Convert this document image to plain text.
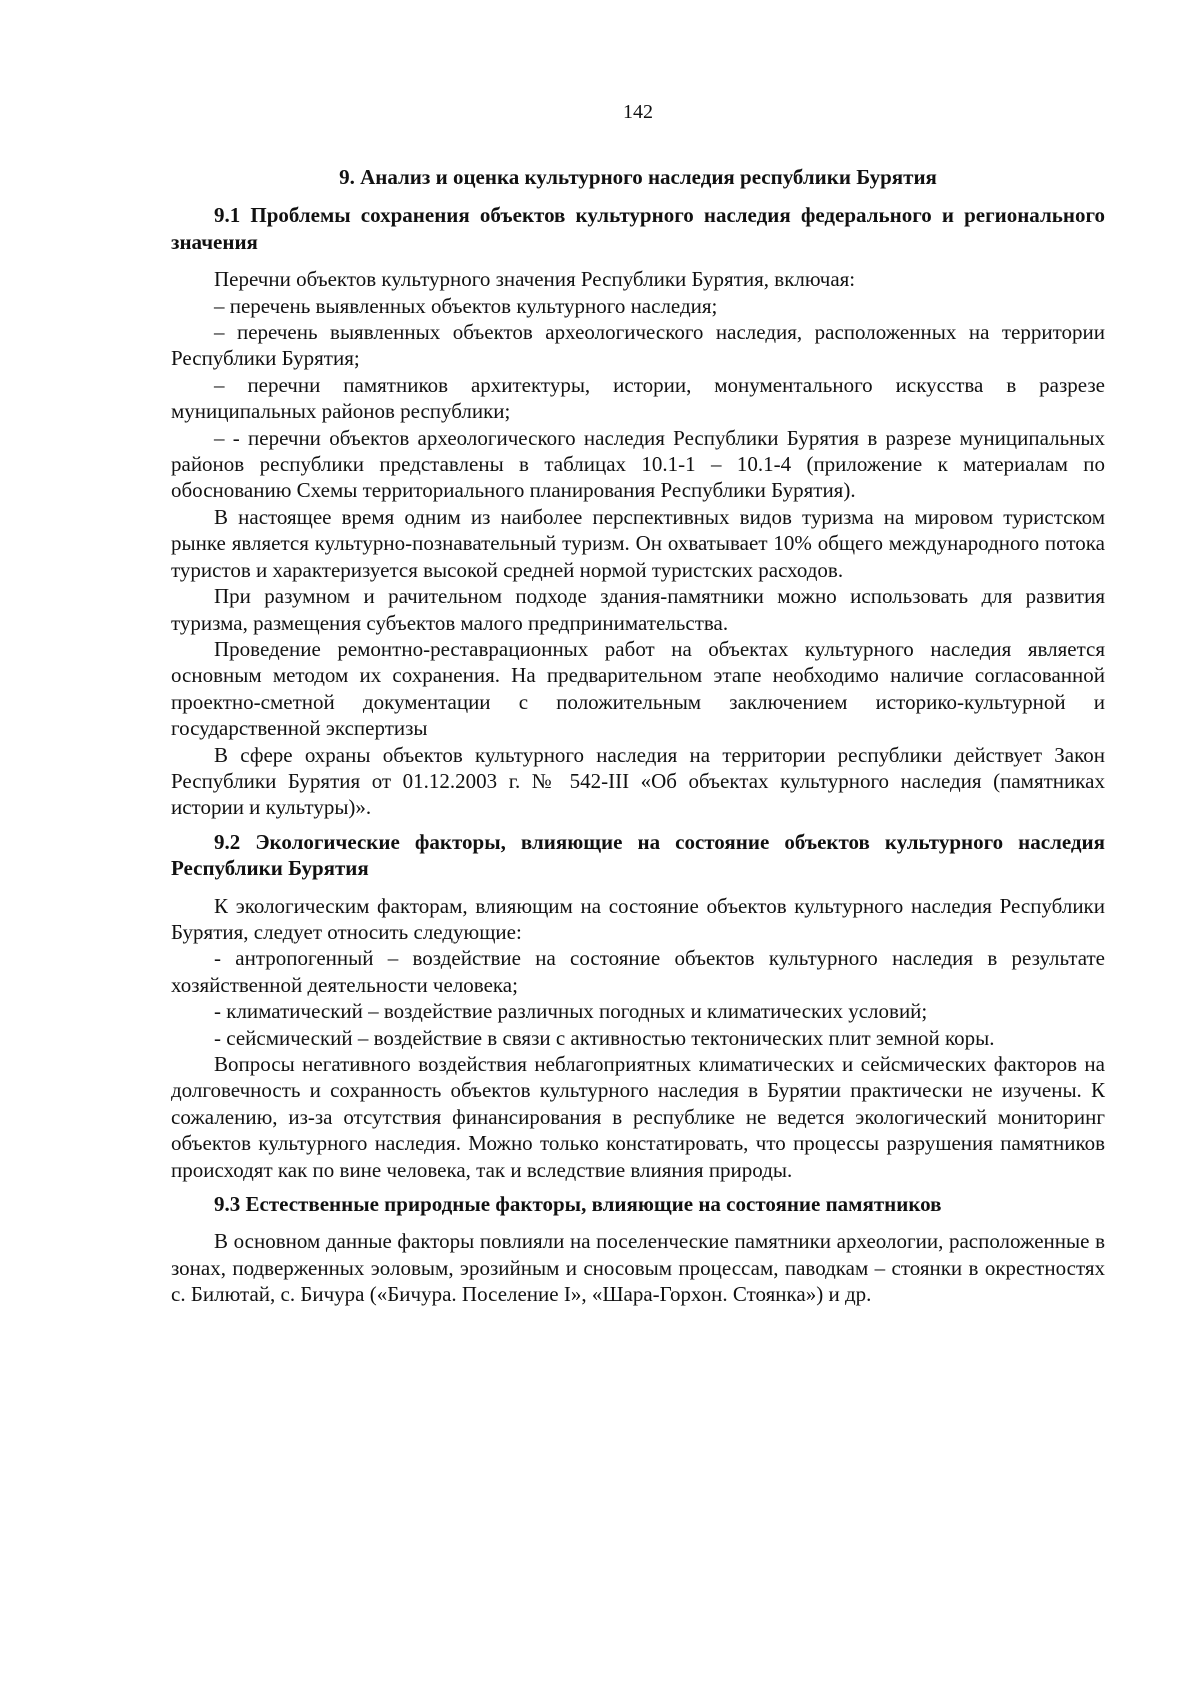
142
9. Анализ и оценка культурного наследия республики Бурятия
9.1 Проблемы сохранения объектов культурного наследия федерального и регионального значения

Перечни объектов культурного значения Республики Бурятия, включая:

– перечень выявленных объектов культурного наследия;

– перечень выявленных объектов археологического наследия, расположенных на территории Республики Бурятия;

– перечни памятников архитектуры, истории, монументального искусства в разрезе муниципальных районов республики;

– - перечни объектов археологического наследия Республики Бурятия в разрезе муниципальных районов республики представлены в таблицах 10.1-1 – 10.1-4 (приложение к материалам по обоснованию Схемы территориального планирования Республики Бурятия).

В настоящее время одним из наиболее перспективных видов туризма на мировом туристском рынке является культурно-познавательный туризм. Он охватывает 10% общего международного потока туристов и характеризуется высокой средней нормой туристских расходов.

При разумном и рачительном подходе здания-памятники можно использовать для развития туризма, размещения субъектов малого предпринимательства.

Проведение ремонтно-реставрационных работ на объектах культурного наследия является основным методом их сохранения. На предварительном этапе необходимо наличие согласованной проектно-сметной документации с положительным заключением историко-культурной и государственной экспертизы

В сфере охраны объектов культурного наследия на территории республики действует Закон Республики Бурятия от 01.12.2003 г. № 542-III «Об объектах культурного наследия (памятниках истории и культуры)».

9.2 Экологические факторы, влияющие на состояние объектов культурного наследия Республики Бурятия

К экологическим факторам, влияющим на состояние объектов культурного наследия Республики Бурятия, следует относить следующие:

- антропогенный – воздействие на состояние объектов культурного наследия в результате хозяйственной деятельности человека;

- климатический – воздействие различных погодных и климатических условий;

- сейсмический – воздействие в связи с активностью тектонических плит земной коры.

Вопросы негативного воздействия неблагоприятных климатических и сейсмических факторов на долговечность и сохранность объектов культурного наследия в Бурятии практически не изучены. К сожалению, из-за отсутствия финансирования в республике не ведется экологический мониторинг объектов культурного наследия. Можно только констатировать, что процессы разрушения памятников происходят как по вине человека, так и вследствие влияния природы.

9.3 Естественные природные факторы, влияющие на состояние памятников

В основном данные факторы повлияли на поселенческие памятники археологии, расположенные в зонах, подверженных эоловым, эрозийным и сносовым процессам, паводкам – стоянки в окрестностях с. Билютай, с. Бичура («Бичура. Поселение I», «Шара-Горхон. Стоянка») и др.
